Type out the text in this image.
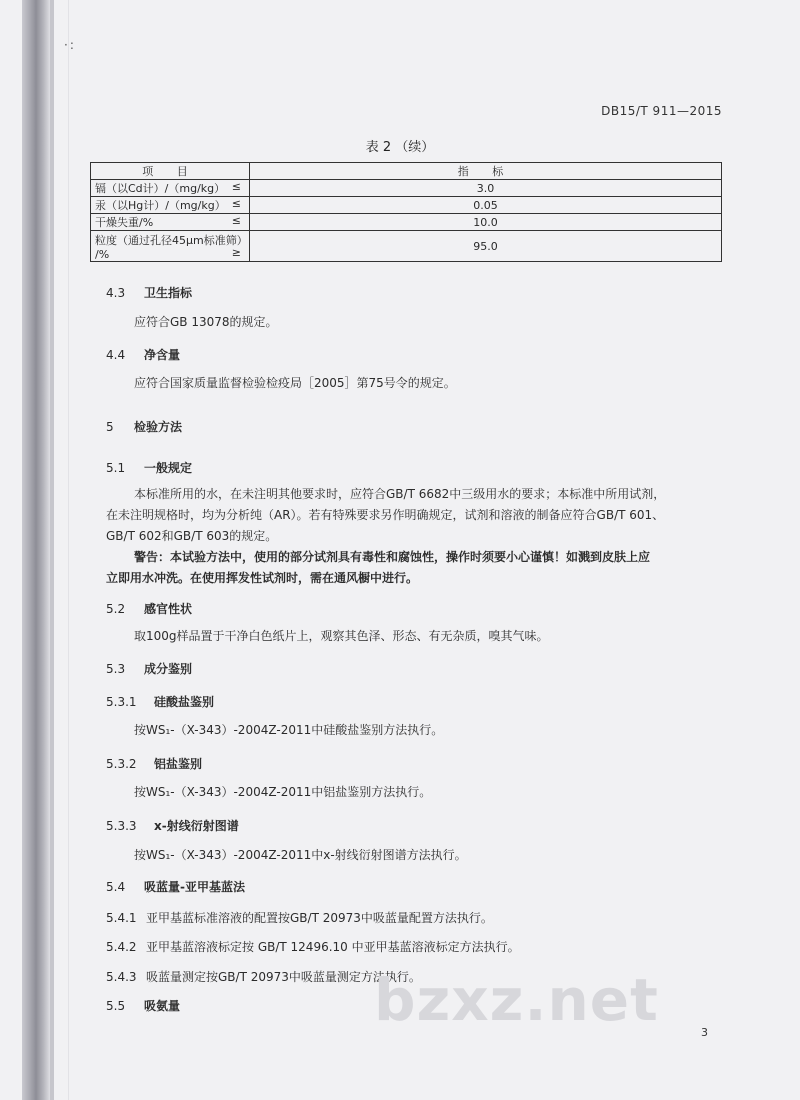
·:
DB15/T 911—2015
表 2 （续）
项 目	指 标
镉（以Cd计）/（mg/kg） ≤	3.0
汞（以Hg计）/（mg/kg） ≤	0.05
干燥失重/% ≤	10.0
粒度（通过孔径45μm标准筛）
/% ≥	95.0
4.3 卫生指标
应符合GB 13078的规定。
4.4 净含量
应符合国家质量监督检验检疫局［2005］第75号令的规定。
5 检验方法
5.1 一般规定
本标准所用的水，在未注明其他要求时，应符合GB/T 6682中三级用水的要求；本标准中所用试剂，
在未注明规格时，均为分析纯（AR）。若有特殊要求另作明确规定，试剂和溶液的制备应符合GB/T 601、
GB/T 602和GB/T 603的规定。
警告：本试验方法中，使用的部分试剂具有毒性和腐蚀性，操作时须要小心谨慎！如溅到皮肤上应
立即用水冲洗。在使用挥发性试剂时，需在通风橱中进行。
5.2 感官性状
取100g样品置于干净白色纸片上，观察其色泽、形态、有无杂质，嗅其气味。
5.3 成分鉴别
5.3.1 硅酸盐鉴别
按WS₁-（X-343）-2004Z-2011中硅酸盐鉴别方法执行。
5.3.2 铝盐鉴别
按WS₁-（X-343）-2004Z-2011中铝盐鉴别方法执行。
5.3.3 x-射线衍射图谱
按WS₁-（X-343）-2004Z-2011中x-射线衍射图谱方法执行。
5.4 吸蓝量-亚甲基蓝法
5.4.1 亚甲基蓝标准溶液的配置按GB/T 20973中吸蓝量配置方法执行。
5.4.2 亚甲基蓝溶液标定按 GB/T 12496.10 中亚甲基蓝溶液标定方法执行。
5.4.3 吸蓝量测定按GB/T 20973中吸蓝量测定方法执行。
5.5 吸氨量	bzxz.net	3
